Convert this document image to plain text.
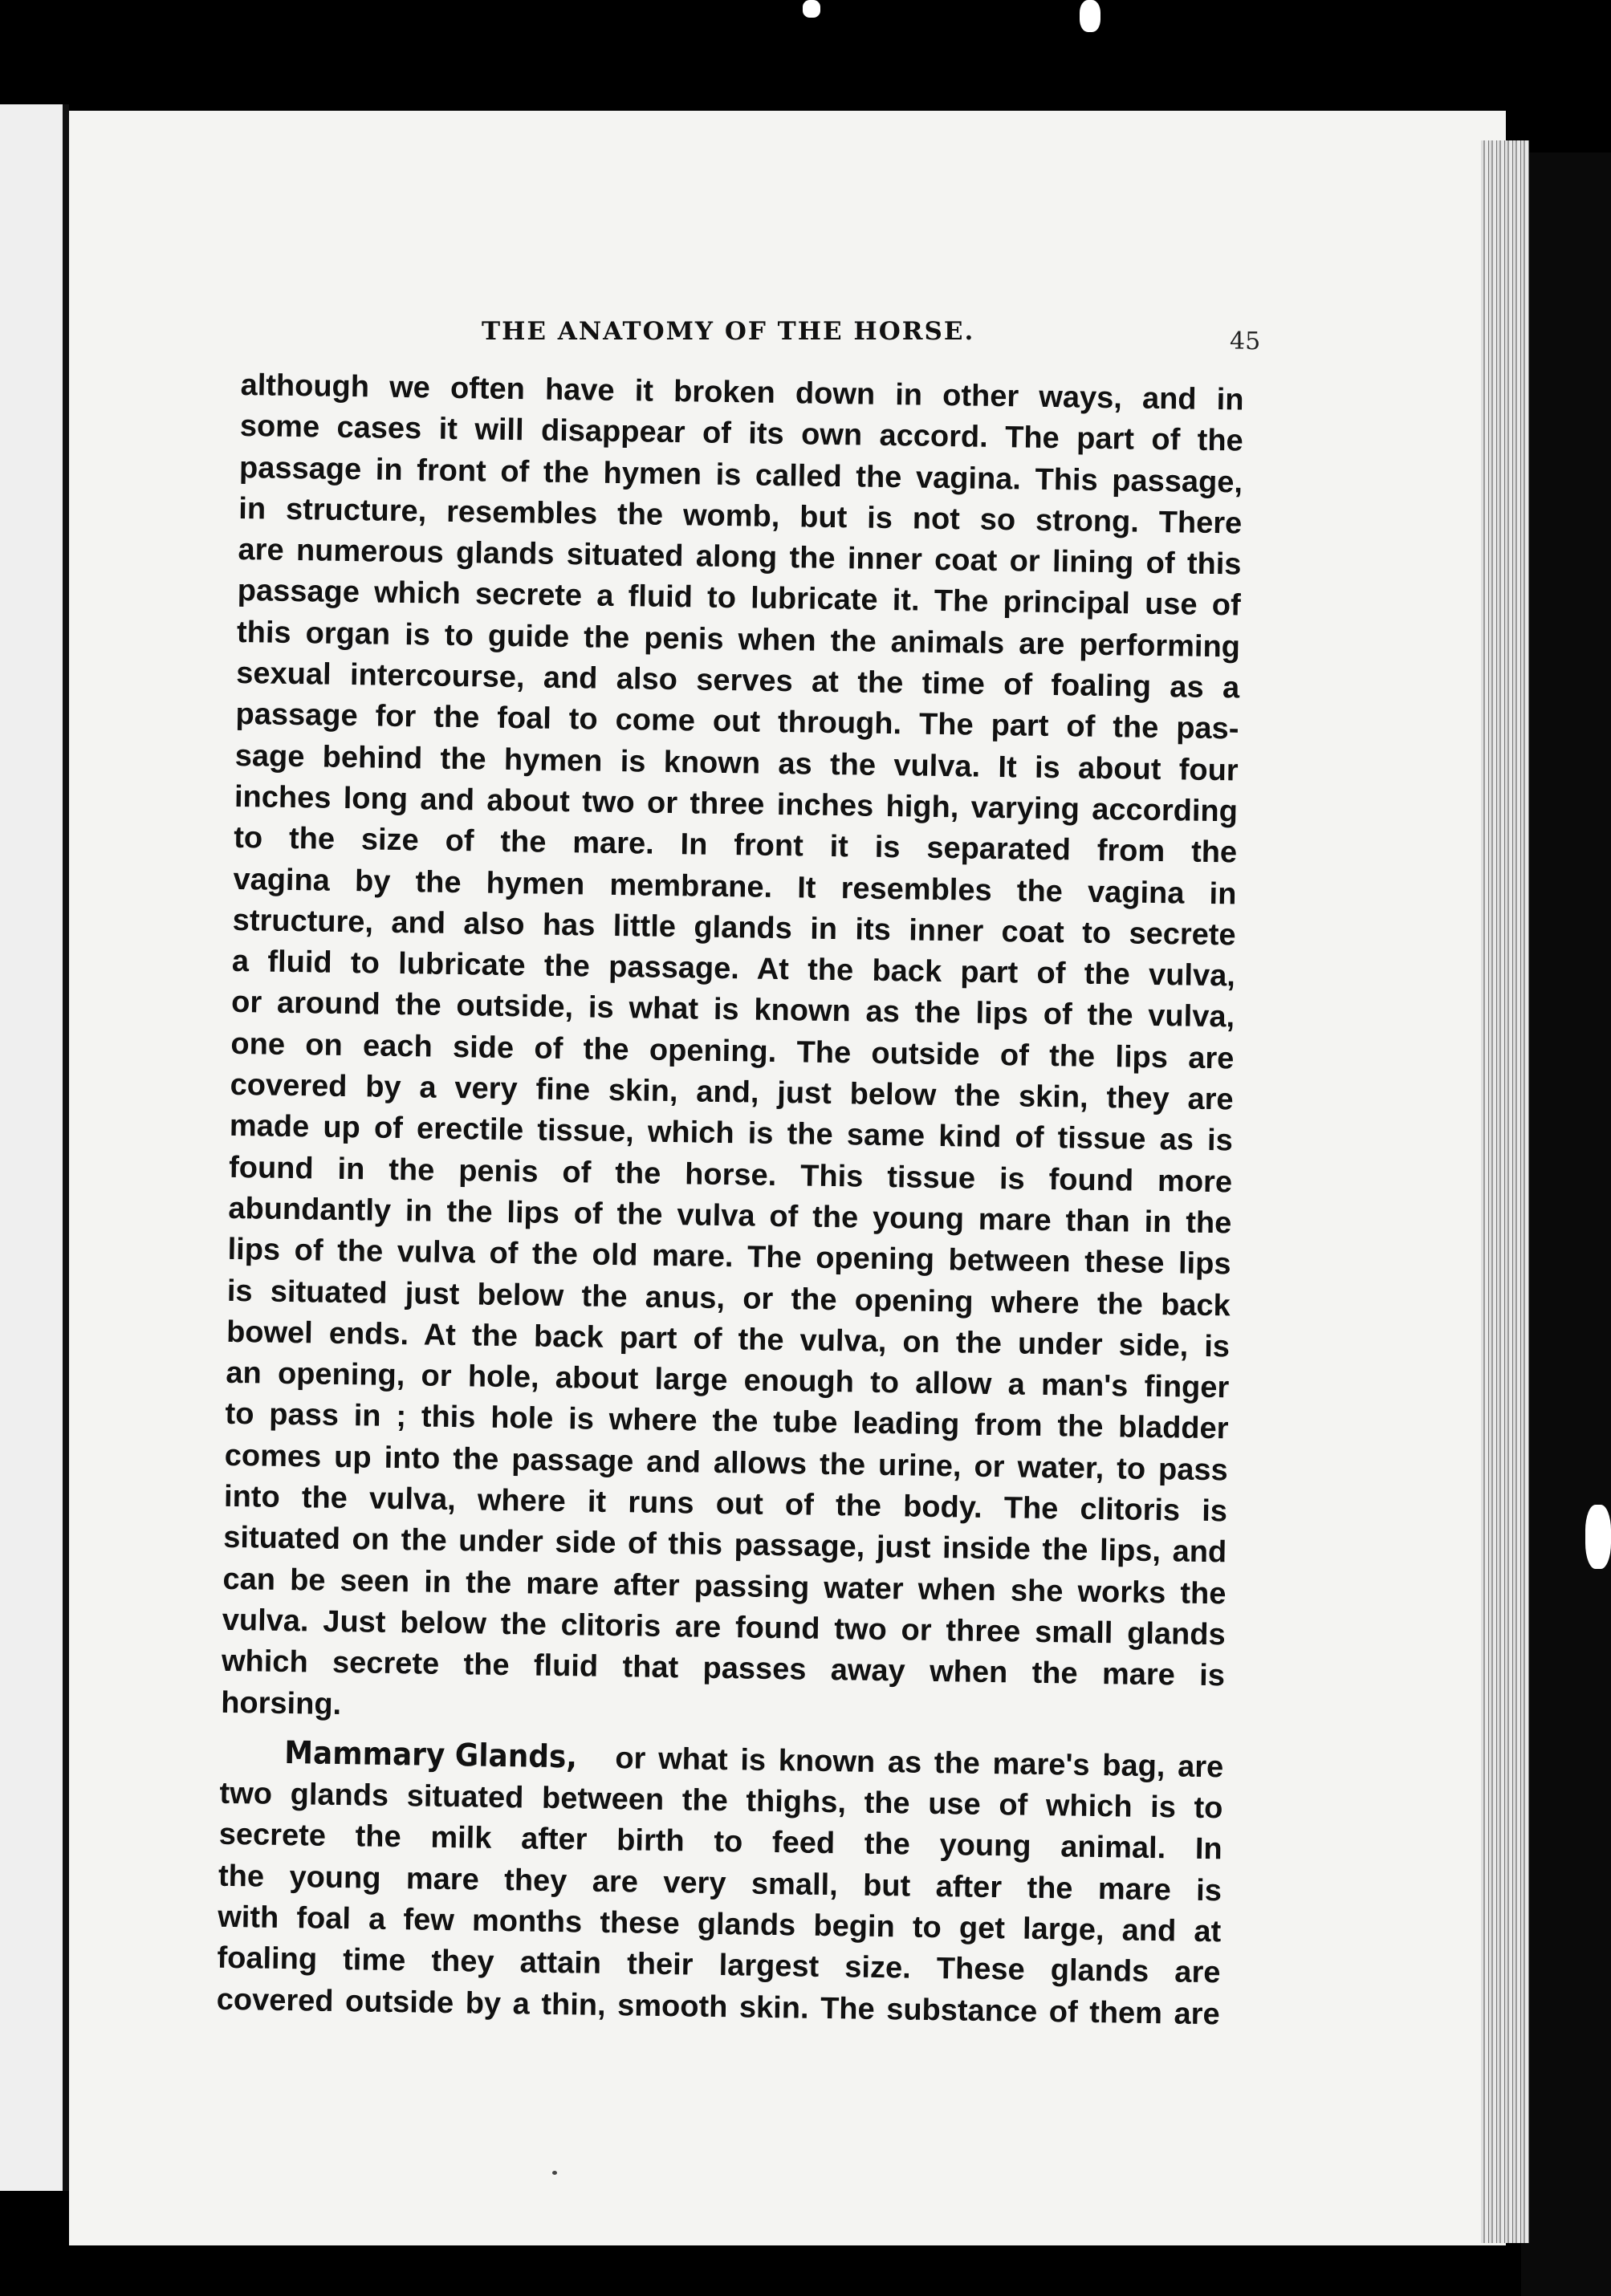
THE ANATOMY OF THE HORSE.	45
although we often have it broken down in other ways, and in
some cases it will disappear of its own accord. The part of the
passage in front of the hymen is called the vagina. This passage,
in structure, resembles the womb, but is not so strong. There
are numerous glands situated along the inner coat or lining of this
passage which secrete a fluid to lubricate it. The principal use of
this organ is to guide the penis when the animals are performing
sexual intercourse, and also serves at the time of foaling as a
passage for the foal to come out through. The part of the pas-
sage behind the hymen is known as the vulva. It is about four
inches long and about two or three inches high, varying according
to the size of the mare. In front it is separated from the
vagina by the hymen membrane. It resembles the vagina in
structure, and also has little glands in its inner coat to secrete
a fluid to lubricate the passage. At the back part of the vulva,
or around the outside, is what is known as the lips of the vulva,
one on each side of the opening. The outside of the lips are
covered by a very fine skin, and, just below the skin, they are
made up of erectile tissue, which is the same kind of tissue as is
found in the penis of the horse. This tissue is found more
abundantly in the lips of the vulva of the young mare than in the
lips of the vulva of the old mare. The opening between these lips
is situated just below the anus, or the opening where the back
bowel ends. At the back part of the vulva, on the under side, is
an opening, or hole, about large enough to allow a man's finger
to pass in ; this hole is where the tube leading from the bladder
comes up into the passage and allows the urine, or water, to pass
into the vulva, where it runs out of the body. The clitoris is
situated on the under side of this passage, just inside the lips, and
can be seen in the mare after passing water when she works the
vulva. Just below the clitoris are found two or three small glands
which secrete the fluid that passes away when the mare is
horsing.
Mammary Glands, or what is known as the mare's bag, are
two glands situated between the thighs, the use of which is to
secrete the milk after birth to feed the young animal. In
the young mare they are very small, but after the mare is
with foal a few months these glands begin to get large, and at
foaling time they attain their largest size. These glands are
covered outside by a thin, smooth skin. The substance of them are
